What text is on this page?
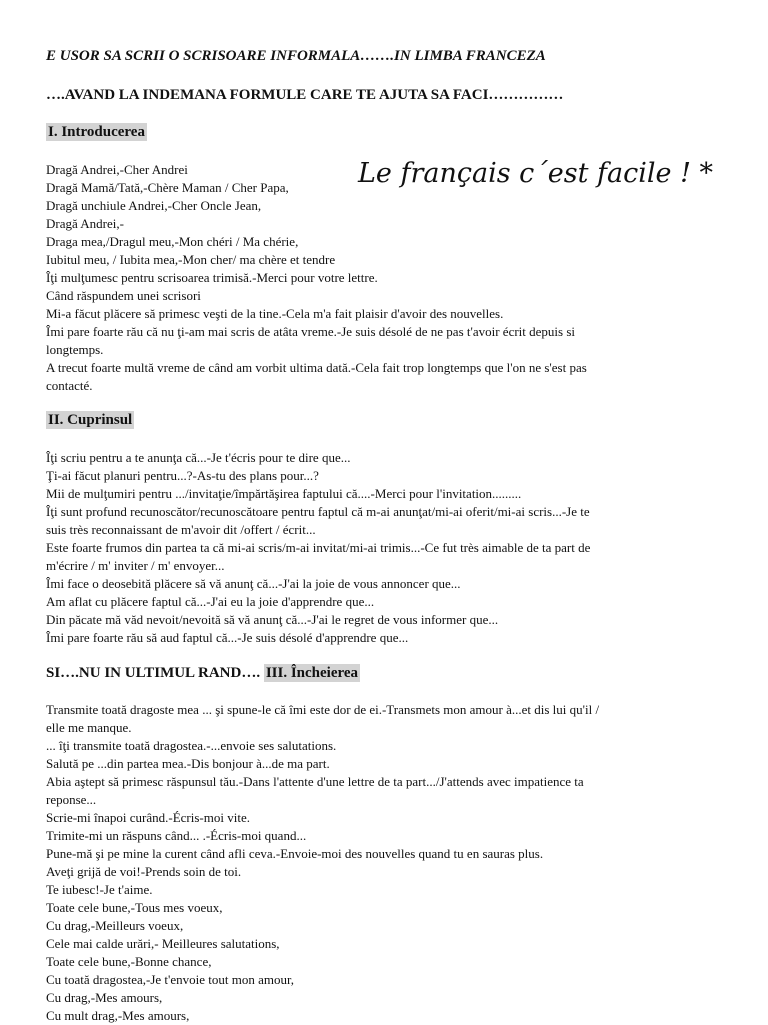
E USOR SA SCRII O SCRISOARE INFORMALA…….IN LIMBA FRANCEZA
….AVAND LA INDEMANA FORMULE CARE TE AJUTA SA FACI……………
I. Introducerea
Le français c´est facile ! *
Dragă Andrei,-Cher Andrei
Dragă Mamă/Tată,-Chère Maman / Cher Papa,
Dragă unchiule Andrei,-Cher Oncle Jean,
Dragă Andrei,-
Draga mea,/Dragul meu,-Mon chéri / Ma chérie,
Iubitul meu, / Iubita mea,-Mon cher/ ma chère et tendre
Îţi mulţumesc pentru scrisoarea trimisă.-Merci pour votre lettre.
Când răspundem unei scrisori
Mi-a făcut plăcere să primesc veşti de la tine.-Cela m'a fait plaisir d'avoir des nouvelles.
Îmi pare foarte rău că nu ţi-am mai scris de atâta vreme.-Je suis désolé de ne pas t'avoir écrit depuis si
longtemps.
A trecut foarte multă vreme de când am vorbit ultima dată.-Cela fait trop longtemps que l'on ne s'est pas
contacté.
II. Cuprinsul
Îţi scriu pentru a te anunţa că...-Je t'écris pour te dire que...
Ţi-ai făcut planuri pentru...?-As-tu des plans pour...?
Mii de mulţumiri pentru .../invitaţie/împărtăşirea faptului că....-Merci pour l'invitation.........
Îţi sunt profund recunoscător/recunoscătoare pentru faptul că m-ai anunţat/mi-ai oferit/mi-ai scris...-Je te
suis très reconnaissant de m'avoir dit /offert / écrit...
Este foarte frumos din partea ta că mi-ai scris/m-ai invitat/mi-ai trimis...-Ce fut très aimable de ta part de
m'écrire / m' inviter / m' envoyer...
Îmi face o deosebită plăcere să vă anunţ că...-J'ai la joie de vous annoncer que...
Am aflat cu plăcere faptul că...-J'ai eu la joie d'apprendre que...
Din păcate mă văd nevoit/nevoită să vă anunţ că...-J'ai le regret de vous informer que...
Îmi pare foarte rău să aud faptul că...-Je suis désolé d'apprendre que...
SI….NU IN ULTIMUL RAND…. III. Încheierea
Transmite toată dragoste mea ... şi spune-le că îmi este dor de ei.-Transmets mon amour à...et dis lui qu'il /
elle me manque.
... îţi transmite toată dragostea.-...envoie ses salutations.
Salută pe ...din partea mea.-Dis bonjour à...de ma part.
Abia aştept să primesc răspunsul tău.-Dans l'attente d'une lettre de ta part.../J'attends avec impatience ta
reponse...
Scrie-mi înapoi curând.-Écris-moi vite.
Trimite-mi un răspuns când... .-Écris-moi quand...
Pune-mă şi pe mine la curent când afli ceva.-Envoie-moi des nouvelles quand tu en sauras plus.
Aveţi grijă de voi!-Prends soin de toi.
Te iubesc!-Je t'aime.
Toate cele bune,-Tous mes voeux,
Cu drag,-Meilleurs voeux,
Cele mai calde urări,- Meilleures salutations,
Toate cele bune,-Bonne chance,
Cu toată dragostea,-Je t'envoie tout mon amour,
Cu drag,-Mes amours,
Cu mult drag,-Mes amours,
